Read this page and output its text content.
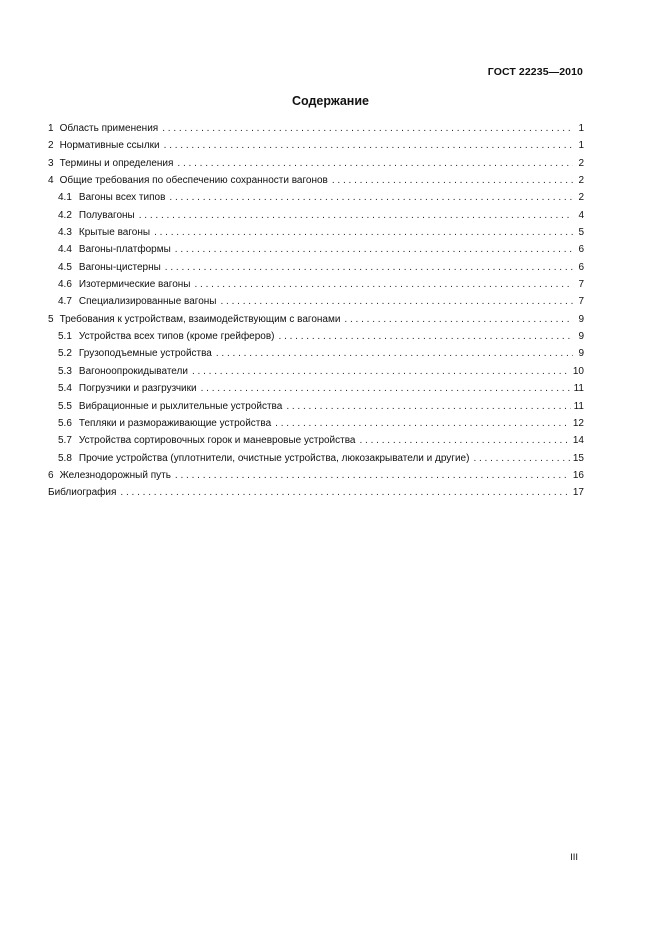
ГОСТ 22235—2010
Содержание
1 Область применения . . .	1
2 Нормативные ссылки . . .	1
3 Термины и определения . . .	2
4 Общие требования по обеспечению сохранности вагонов . . .	2
4.1 Вагоны всех типов . . .	2
4.2 Полувагоны . . .	4
4.3 Крытые вагоны . . .	5
4.4 Вагоны-платформы . . .	6
4.5 Вагоны-цистерны . . .	6
4.6 Изотермические вагоны . . .	7
4.7 Специализированные вагоны . . .	7
5 Требования к устройствам, взаимодействующим с вагонами . . .	9
5.1 Устройства всех типов (кроме грейферов) . . .	9
5.2 Грузоподъемные устройства . . .	9
5.3 Вагоноопрокидыватели . . .	10
5.4 Погрузчики и разгрузчики . . .	11
5.5 Вибрационные и рыхлительные устройства . . .	11
5.6 Тепляки и размораживающие устройства . . .	12
5.7 Устройства сортировочных горок и маневровые устройства . . .	14
5.8 Прочие устройства (уплотнители, очистные устройства, люкозакрыватели и другие) . . .	15
6 Железнодорожный путь . . .	16
Библиография . . .	17
III
